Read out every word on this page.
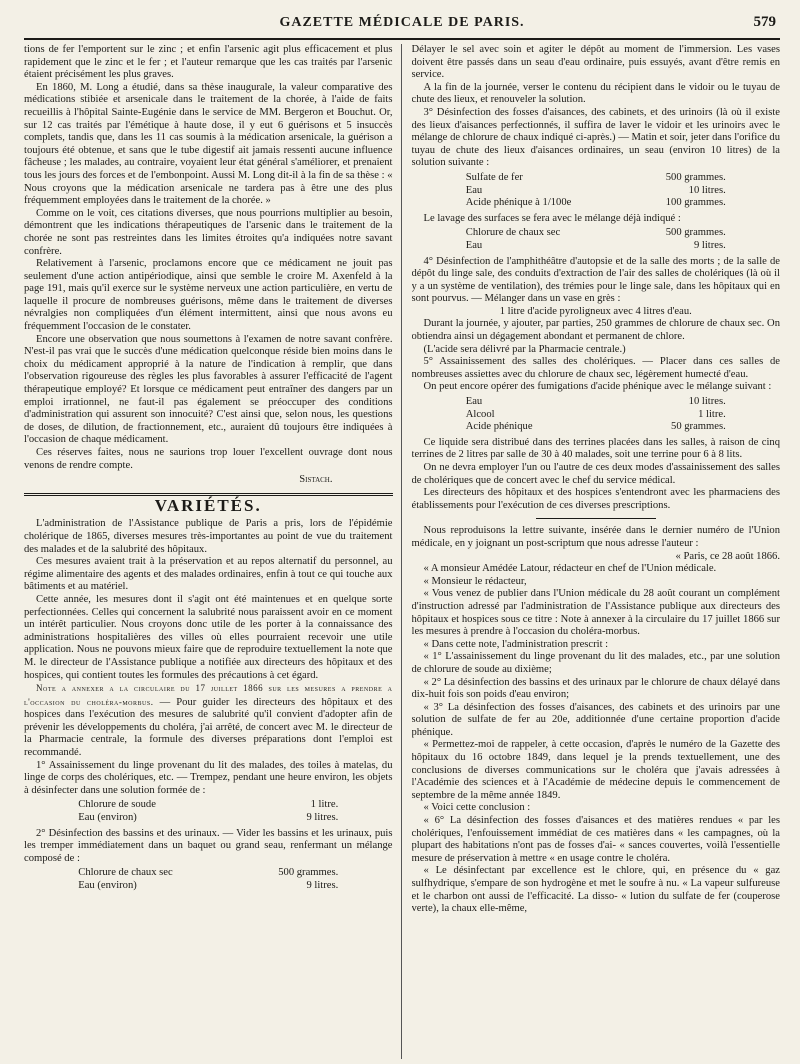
GAZETTE MÉDICALE DE PARIS.	579

tions de fer l'emportent sur le zinc ; et enfin l'arsenic agit plus efficacement et plus rapidement que le zinc et le fer ; et l'auteur remarque que les cas traités par l'arsenic étaient précisément les plus graves.

En 1860, M. Long a étudié, dans sa thèse inaugurale, la valeur comparative des médications stibiée et arsenicale dans le traitement de la chorée, à l'aide de faits recueillis à l'hôpital Sainte-Eugénie dans le service de MM. Bergeron et Bouchut. Or, sur 12 cas traités par l'émétique à haute dose, il y eut 6 guérisons et 5 insuccès complets, tandis que, dans les 11 cas soumis à la médication arsenicale, la guérison a toujours été obtenue, et sans que le tube digestif ait jamais ressenti aucune influence fâcheuse ; les malades, au contraire, voyaient leur état général s'améliorer, et prenaient tous les jours des forces et de l'embonpoint. Aussi M. Long dit-il à la fin de sa thèse : « Nous croyons que la médication arsenicale ne tardera pas à être une des plus fréquemment employées dans le traitement de la chorée. »

Comme on le voit, ces citations diverses, que nous pourrions multiplier au besoin, démontrent que les indications thérapeutiques de l'arsenic dans le traitement de la chorée ne sont pas restreintes dans les limites étroites qu'a indiquées notre savant confrère.

Relativement à l'arsenic, proclamons encore que ce médicament ne jouit pas seulement d'une action antipériodique, ainsi que semble le croire M. Axenfeld à la page 191, mais qu'il exerce sur le système nerveux une action particulière, en vertu de laquelle il procure de nombreuses guérisons, même dans le traitement de diverses névralgies non compliquées d'un élément intermittent, ainsi que nous avons eu fréquemment l'occasion de le constater.

Encore une observation que nous soumettons à l'examen de notre savant confrère. N'est-il pas vrai que le succès d'une médication quelconque réside bien moins dans le choix du médicament approprié à la nature de l'indication à remplir, que dans l'observation rigoureuse des règles les plus favorables à assurer l'efficacité de l'agent thérapeutique employé? Et lorsque ce médicament peut entraîner des dangers par un emploi irrationnel, ne faut-il pas également se préoccuper des conditions d'administration qui assurent son innocuité? C'est ainsi que, selon nous, les questions de doses, de dilution, de fractionnement, etc., auraient dû toujours être indiquées à l'occasion de chaque médicament.

Ces réserves faites, nous ne saurions trop louer l'excellent ouvrage dont nous venons de rendre compte.

Sistach.
VARIÉTÉS.

L'administration de l'Assistance publique de Paris a pris, lors de l'épidémie cholérique de 1865, diverses mesures très-importantes au point de vue du traitement des malades et de la salubrité des hôpitaux.

Ces mesures avaient trait à la préservation et au repos alternatif du personnel, au régime alimentaire des agents et des malades ordinaires, enfin à tout ce qui touche aux bâtiments et au matériel.

Cette année, les mesures dont il s'agit ont été maintenues et en quelque sorte perfectionnées. Celles qui concernent la salubrité nous paraissent avoir en ce moment un intérêt particulier. Nous croyons donc utile de les porter à la connaissance des administrations hospitalières des villes où elles pourraient recevoir une utile application. Nous ne pouvons mieux faire que de reproduire textuellement la note que M. le directeur de l'Assistance publique a notifiée aux directeurs des hôpitaux et des hospices, qui contient toutes les formules des précautions à cet égard.

Note a annexer a la circulaire du 17 juillet 1866 sur les mesures a prendre a l'occasion du choléra-morbus. — Pour guider les directeurs des hôpitaux et des hospices dans l'exécution des mesures de salubrité qu'il convient d'adopter afin de prévenir les développements du choléra, j'ai arrêté, de concert avec M. le directeur de la Pharmacie centrale, la formule des diverses préparations dont l'emploi est recommandé.

1° Assainissement du linge provenant du lit des malades, des toiles à matelas, du linge de corps des cholériques, etc. — Trempez, pendant une heure environ, les objets à désinfecter dans une solution formée de :

Chlorure de soude	1 litre.
Eau (environ)	9 litres.

2° Désinfection des bassins et des urinaux. — Vider les bassins et les urinaux, puis les tremper immédiatement dans un baquet ou grand seau, renfermant un mélange composé de :

Chlorure de chaux sec	500 grammes.
Eau (environ)	9 litres.

Délayer le sel avec soin et agiter le dépôt au moment de l'immersion. Les vases doivent être passés dans un seau d'eau ordinaire, puis essuyés, avant d'être remis en service.

A la fin de la journée, verser le contenu du récipient dans le vidoir ou le tuyau de chute des lieux, et renouveler la solution.

3° Désinfection des fosses d'aisances, des cabinets, et des urinoirs (là où il existe des lieux d'aisances perfectionnés, il suffira de laver le vidoir et les urinoirs avec le mélange de chlorure de chaux indiqué ci-après.) — Matin et soir, jeter dans l'orifice du tuyau de chute des lieux d'aisances ordinaires, un seau (environ 10 litres) de la solution suivante :

Sulfate de fer	500 grammes.
Eau	10 litres.
Acide phénique à 1/100e	100 grammes.

Le lavage des surfaces se fera avec le mélange déjà indiqué :

Chlorure de chaux sec	500 grammes.
Eau	9 litres.

4° Désinfection de l'amphithéâtre d'autopsie et de la salle des morts ; de la salle de dépôt du linge sale, des conduits d'extraction de l'air des salles de cholériques (là où il y a un système de ventilation), des trémies pour le linge sale, dans les hôpitaux qui en sont pourvus. — Mélanger dans un vase en grès :

1 litre d'acide pyroligneux avec 4 litres d'eau.

Durant la journée, y ajouter, par parties, 250 grammes de chlorure de chaux sec. On obtiendra ainsi un dégagement abondant et permanent de chlore.

(L'acide sera délivré par la Pharmacie centrale.)

5° Assainissement des salles des cholériques. — Placer dans ces salles de nombreuses assiettes avec du chlorure de chaux sec, légèrement humecté d'eau.

On peut encore opérer des fumigations d'acide phénique avec le mélange suivant :

Eau	10 litres.
Alcool	1 litre.
Acide phénique	50 grammes.

Ce liquide sera distribué dans des terrines placées dans les salles, à raison de cinq terrines de 2 litres par salle de 30 à 40 malades, soit une terrine pour 6 à 8 lits.

On ne devra employer l'un ou l'autre de ces deux modes d'assainissement des salles de cholériques que de concert avec le chef du service médical.

Les directeurs des hôpitaux et des hospices s'entendront avec les pharmaciens des établissements pour l'exécution de ces diverses prescriptions.

Nous reproduisons la lettre suivante, insérée dans le dernier numéro de l'Union médicale, en y joignant un post-scriptum que nous adresse l'auteur :

« Paris, ce 28 août 1866.

« A monsieur Amédée Latour, rédacteur en chef de l'Union médicale.

« Monsieur le rédacteur,

« Vous venez de publier dans l'Union médicale du 28 août courant un complément d'instruction adressé par l'administration de l'Assistance publique aux directeurs des hôpitaux et hospices sous ce titre : Note à annexer à la circulaire du 17 juillet 1866 sur les mesures à prendre à l'occasion du choléra-morbus.

« Dans cette note, l'administration prescrit :

« 1° L'assainissement du linge provenant du lit des malades, etc., par une solution de chlorure de soude au dixième;

« 2° La désinfection des bassins et des urinaux par le chlorure de chaux délayé dans dix-huit fois son poids d'eau environ;

« 3° La désinfection des fosses d'aisances, des cabinets et des urinoirs par une solution de sulfate de fer au 20e, additionnée d'une certaine proportion d'acide phénique.

« Permettez-moi de rappeler, à cette occasion, d'après le numéro de la Gazette des hôpitaux du 16 octobre 1849, dans lequel je la prends textuellement, une des conclusions de diverses communications sur le choléra que j'avais adressées à l'Académie des sciences et à l'Académie de médecine depuis le commencement de septembre de la même année 1849.

« Voici cette conclusion :

« 6° La désinfection des fosses d'aisances et des matières rendues « par les cholériques, l'enfouissement immédiat de ces matières dans « les campagnes, où la plupart des habitations n'ont pas de fosses d'ai- « sances couvertes, voilà l'essentielle mesure de préservation à mettre « en usage contre le choléra.

« Le désinfectant par excellence est le chlore, qui, en présence du « gaz sulfhydrique, s'empare de son hydrogène et met le soufre à nu. « La vapeur sulfureuse et le charbon ont aussi de l'efficacité. La disso- « lution du sulfate de fer (couperose verte), la chaux elle-même,
